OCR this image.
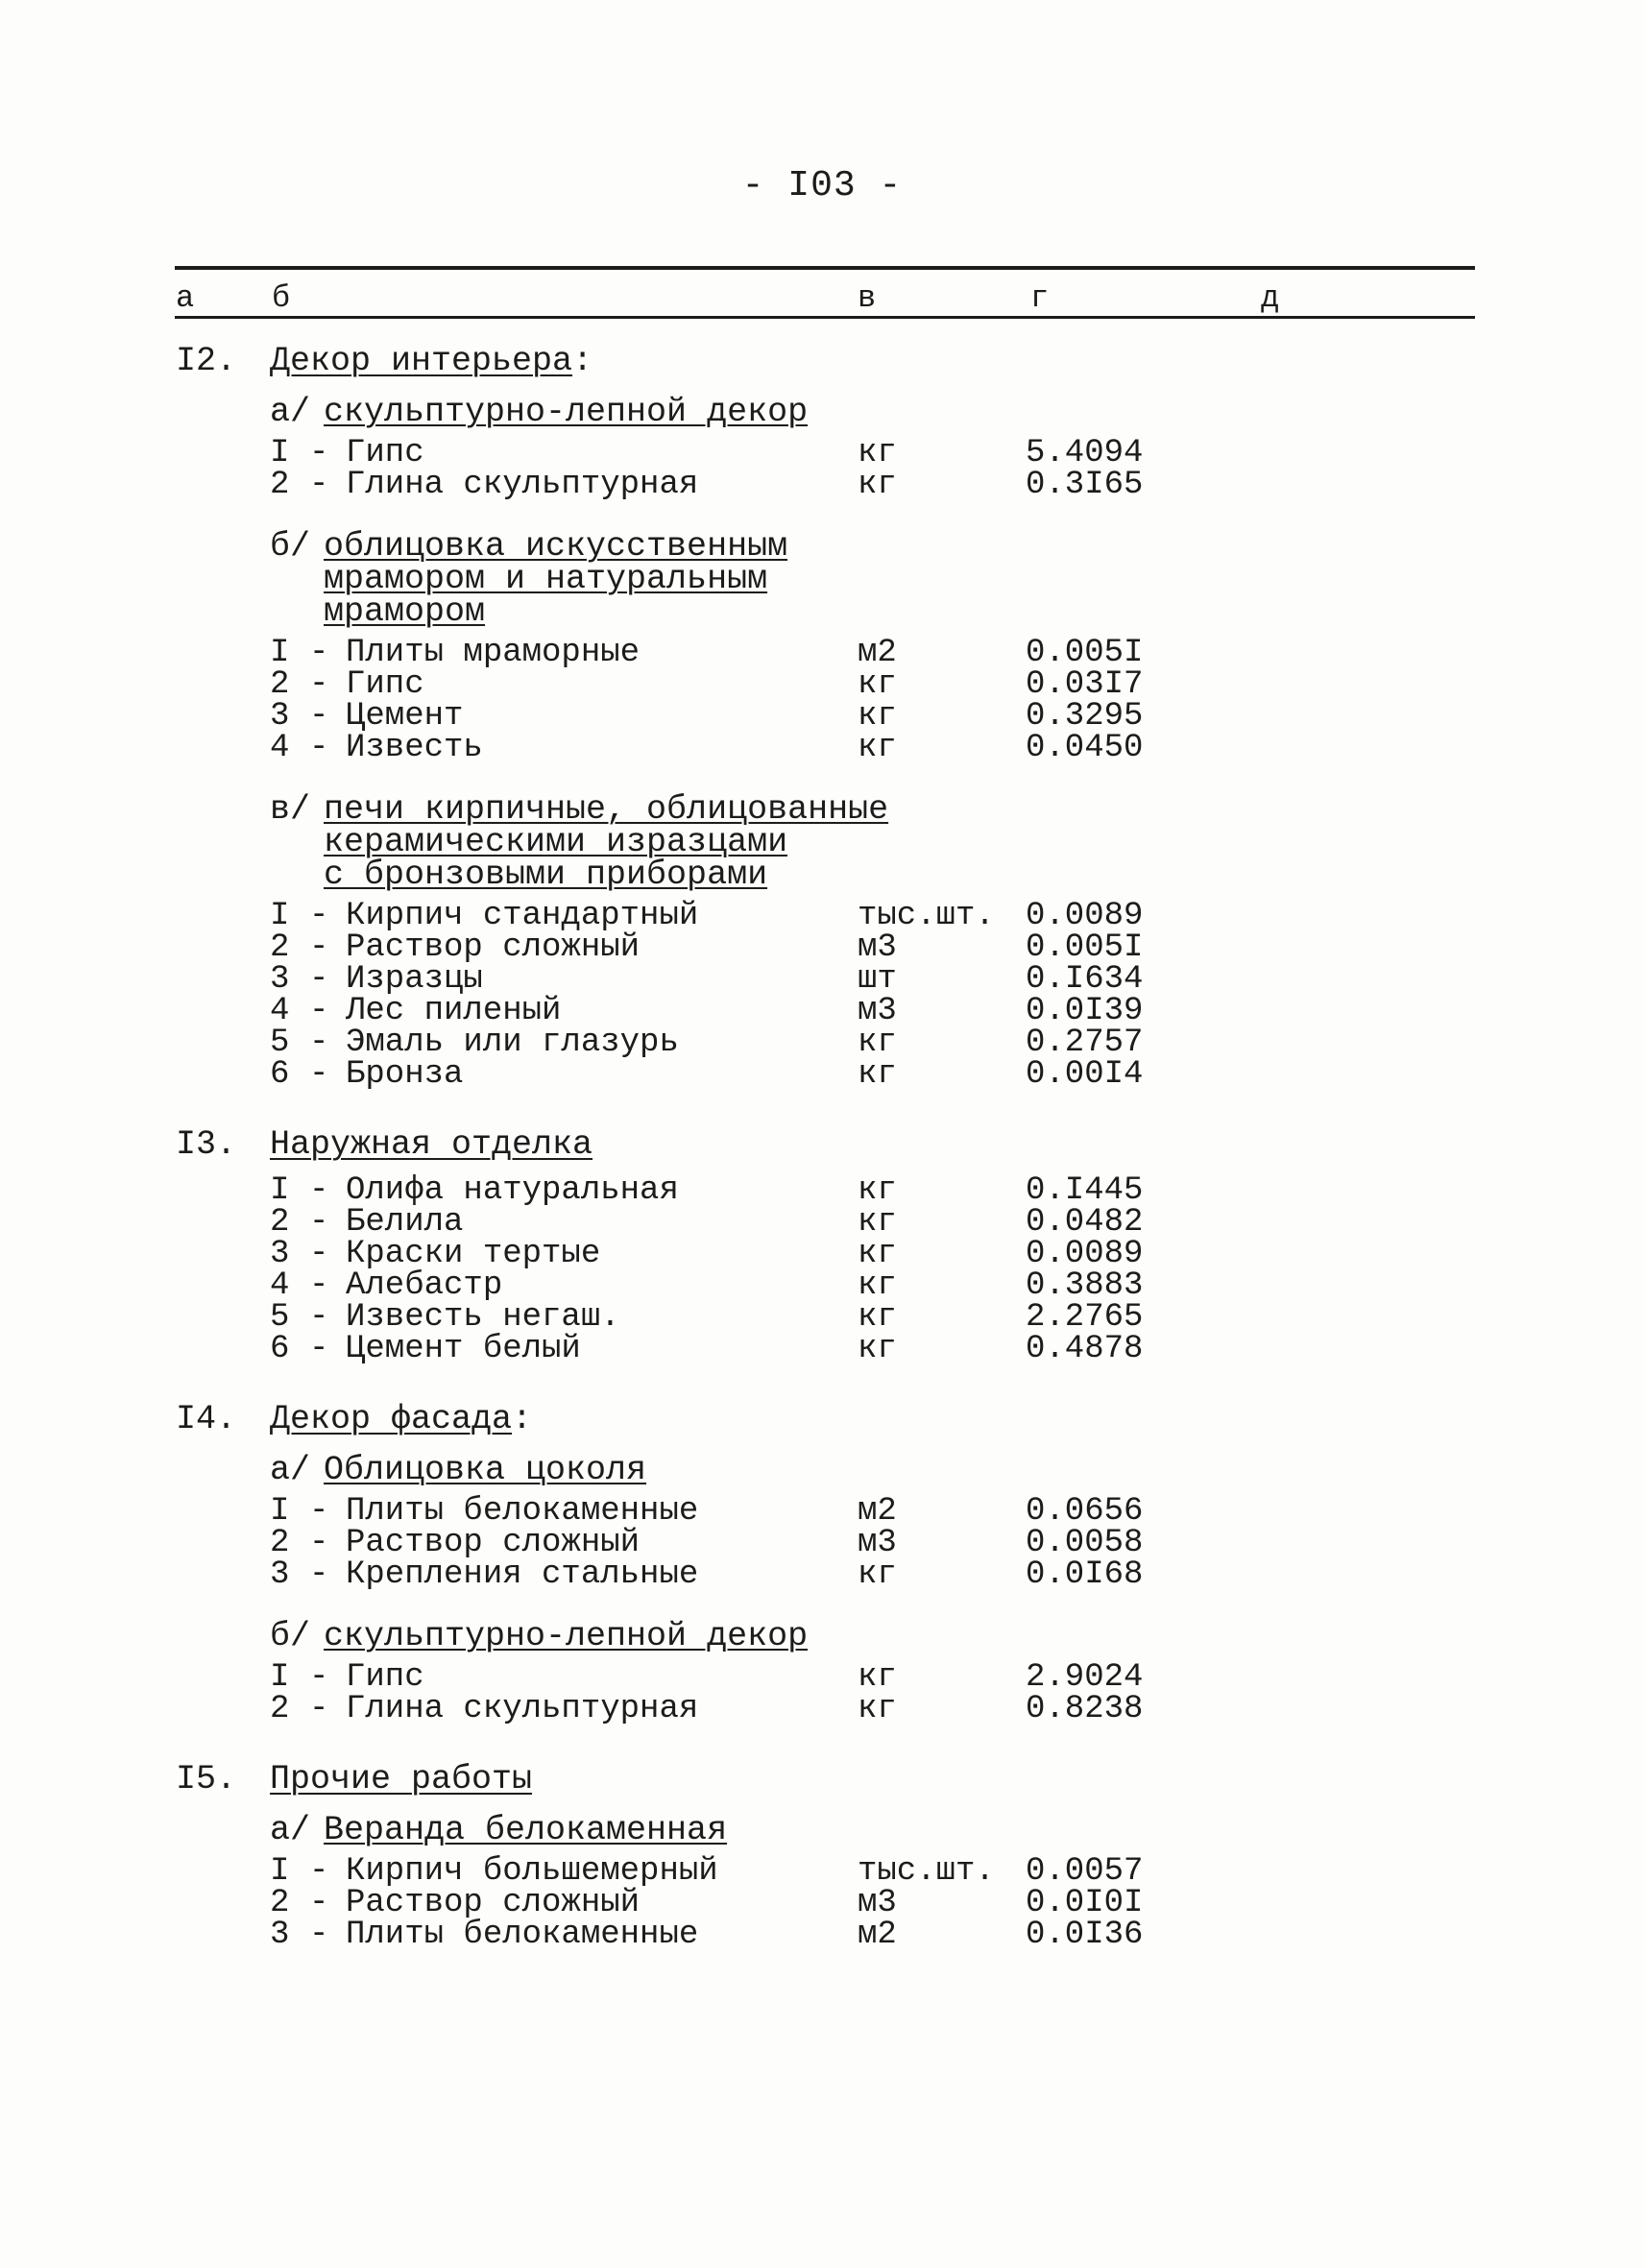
- I03 -
а	б	в	г	д
I2. Декор интерьера:
а/ скульптурно-лепной декор
I - Гипс	кг	5.4094
2 - Глина скульптурная	кг	0.3I65
б/ облицовка искусственным
мрамором и натуральным
мрамором
I - Плиты мраморные	м2	0.005I
2 - Гипс	кг	0.03I7
3 - Цемент	кг	0.3295
4 - Известь	кг	0.0450
в/ печи кирпичные, облицованные
керамическими изразцами
с бронзовыми приборами
I - Кирпич стандартный	тыс.шт. 0.0089
2 - Раствор сложный	м3	0.005I
3 - Изразцы	шт	0.I634
4 - Лес пиленый	м3	0.0I39
5 - Эмаль или глазурь	кг	0.2757
6 - Бронза	кг	0.00I4
I3. Наружная отделка
I - Олифа натуральная	кг	0.I445
2 - Белила	кг	0.0482
3 - Краски тертые	кг	0.0089
4 - Алебастр	кг	0.3883
5 - Известь негаш.	кг	2.2765
6 - Цемент белый	кг	0.4878
I4. Декор фасада:
а/ Облицовка цоколя
I - Плиты белокаменные	м2	0.0656
2 - Раствор сложный	м3	0.0058
3 - Крепления стальные	кг	0.0I68
б/ скульптурно-лепной декор
I - Гипс	кг	2.9024
2 - Глина скульптурная	кг	0.8238
I5. Прочие работы
а/ Веранда белокаменная
I - Кирпич большемерный	тыс.шт. 0.0057
2 - Раствор сложный	м3	0.0I0I
3 - Плиты белокаменные	м2	0.0I36
